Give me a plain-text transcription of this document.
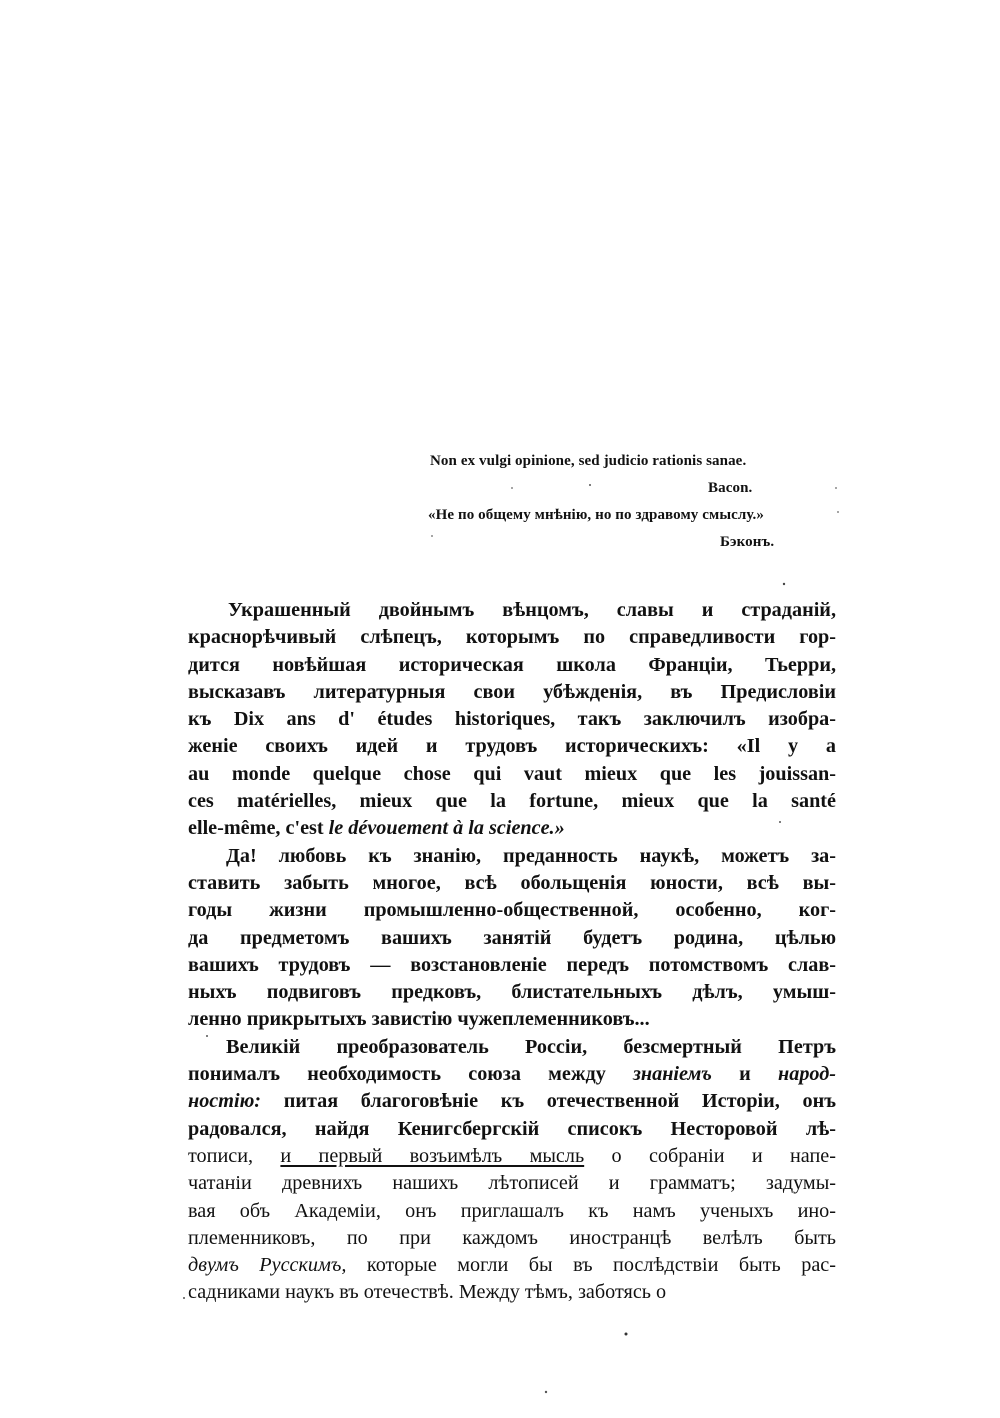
Non ex vulgi opinione, sed judicio rationis sanae.
Bacon.
«Не по общему мнѣнію, но по здравому смыслу.»
Бэконъ.
Украшенный двойнымъ вѣнцомъ, славы и страданій,
краснорѣчивый слѣпецъ, которымъ по справедливости гор-
дится новѣйшая историческая школа Франціи, Тьерри,
высказавъ литературныя свои убѣжденія, въ Предисловіи
къ Dix ans d' études historiques, такъ заключилъ изобра-
женіе своихъ идей и трудовъ историческихъ: «Il y a
au monde quelque chose qui vaut mieux que les jouissan-
ces matérielles, mieux que la fortune, mieux que la santé
elle-même, c'est le dévouement à la science.»
Да! любовь къ знанію, преданность наукѣ, можетъ за-
ставить забыть многое, всѣ обольщенія юности, всѣ вы-
годы жизни промышленно-общественной, особенно, ког-
да предметомъ вашихъ занятій будетъ родина, цѣлью
вашихъ трудовъ — возстановленіе передъ потомствомъ слав-
ныхъ подвиговъ предковъ, блистательныхъ дѣлъ, умыш-
ленно прикрытыхъ завистію чужеплеменниковъ...
Великій преобразователь Россіи, безсмертный Петръ
понималъ необходимость союза между знаніемъ и народ-
ностію: питая благоговѣніе къ отечественной Исторіи, онъ
радовался, найдя Кенигсбергскій списокъ Несторовой лѣ-
тописи, и первый возъимѣлъ мысль о собраніи и напе-
чатаніи древнихъ нашихъ лѣтописей и грамматъ; задумы-
вая объ Академіи, онъ приглашалъ къ намъ ученыхъ ино-
племенниковъ, по при каждомъ иностранцѣ велѣлъ быть
двумъ Русскимъ, которые могли бы въ послѣдствіи быть рас-
садниками наукъ въ отечествѣ. Между тѣмъ, заботясь о
